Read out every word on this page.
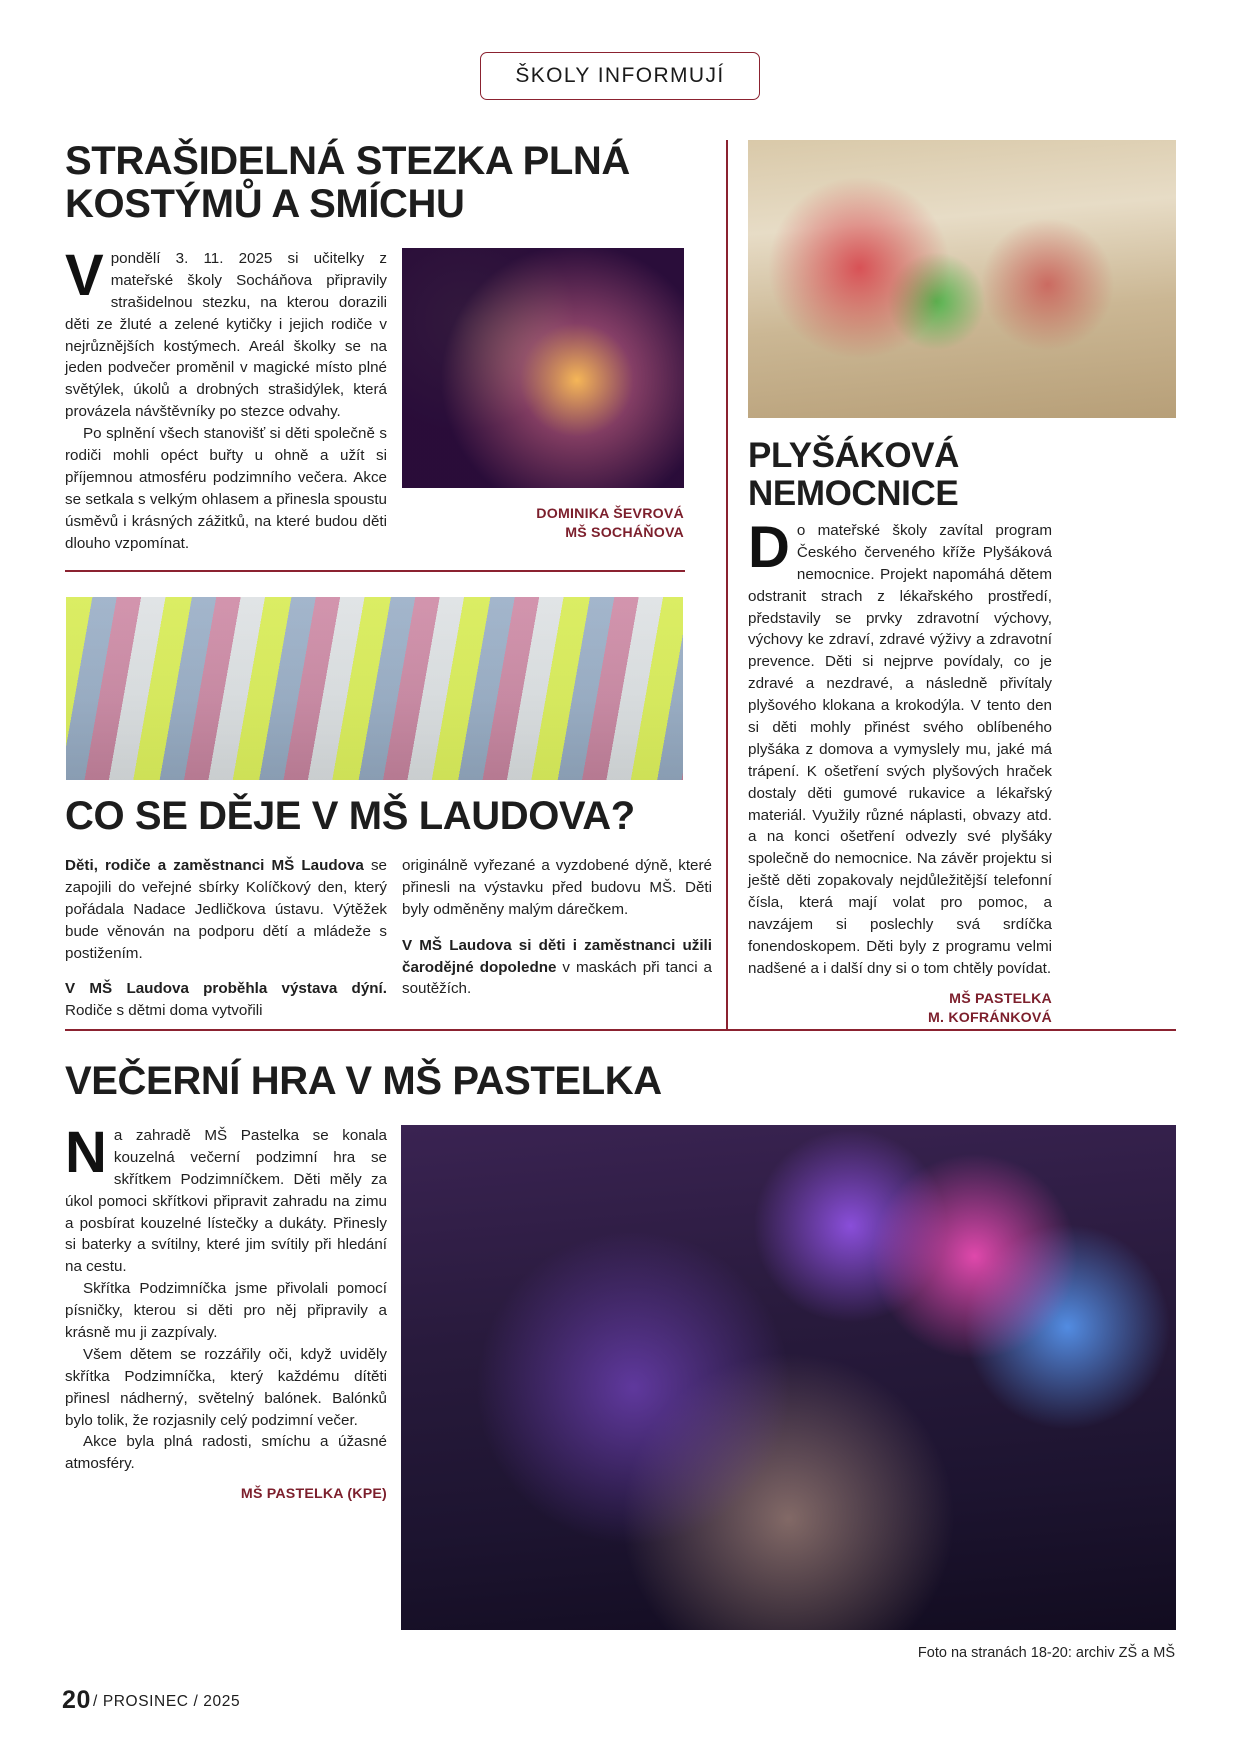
ŠKOLY INFORMUJÍ
STRAŠIDELNÁ STEZKA PLNÁ
KOSTÝMŮ A SMÍCHU

Vpondělí 3. 11. 2025 si učitelky z mateřské školy Socháňova připravily strašidelnou stezku, na kterou dorazili děti ze žluté a zelené kytičky i jejich rodiče v nejrůznějších kostýmech. Areál školky se na jeden podvečer proměnil v magické místo plné světýlek, úkolů a drobných strašidýlek, která provázela návštěvníky po stezce odvahy.

Po splnění všech stanovišť si děti společně s rodiči mohli opéct buřty u ohně a užít si příjemnou atmosféru podzimního večera. Akce se setkala s velkým ohlasem a přinesla spoustu úsměvů i krásných zážitků, na které budou děti dlouho vzpomínat.

DOMINIKA ŠEVROVÁ
MŠ SOCHÁŇOVA

PLYŠÁKOVÁ
NEMOCNICE

Do mateřské školy zavítal program Českého červeného kříže Plyšáková nemocnice. Projekt napomáhá dětem odstranit strach z lékařského prostředí, představily se prvky zdravotní výchovy, výchovy ke zdraví, zdravé výživy a zdravotní prevence. Děti si nejprve povídaly, co je zdravé a nezdravé, a následně přivítaly plyšového klokana a krokodýla. V tento den si děti mohly přinést svého oblíbeného plyšáka z domova a vymyslely mu, jaké má trápení. K ošetření svých plyšových hraček dostaly děti gumové rukavice a lékařský materiál. Využily různé náplasti, obvazy atd. a na konci ošetření odvezly své plyšáky společně do nemocnice. Na závěr projektu si ještě děti zopakovaly nejdůležitější telefonní čísla, která mají volat pro pomoc, a navzájem si poslechly svá srdíčka fonendoskopem. Děti byly z programu velmi nadšené a i další dny si o tom chtěly povídat.

MŠ PASTELKA
M. KOFRÁNKOVÁ

CO SE DĚJE V MŠ LAUDOVA?

Děti, rodiče a zaměstnanci MŠ Laudova se zapojili do veřejné sbírky Kolíčkový den, který pořádala Nadace Jedličkova ústavu. Výtěžek bude věnován na podporu dětí a mládeže s postižením.

V MŠ Laudova proběhla výstava dýní. Rodiče s dětmi doma vytvořili

originálně vyřezané a vyzdobené dýně, které přinesli na výstavku před budovu MŠ. Děti byly odměněny malým dárečkem.

V MŠ Laudova si děti i zaměstnanci užili čarodějné dopoledne v maskách při tanci a soutěžích.

VEČERNÍ HRA V MŠ PASTELKA

Na zahradě MŠ Pastelka se konala kouzelná večerní podzimní hra se skřítkem Podzimníčkem. Děti měly za úkol pomoci skřítkovi připravit zahradu na zimu a posbírat kouzelné lístečky a dukáty. Přinesly si baterky a svítilny, které jim svítily při hledání na cestu.

Skřítka Podzimníčka jsme přivolali pomocí písničky, kterou si děti pro něj připravily a krásně mu ji zazpívaly.

Všem dětem se rozzářily oči, když uviděly skřítka Podzimníčka, který každému dítěti přinesl nádherný, světelný balónek. Balónků bylo tolik, že rozjasnily celý podzimní večer.

Akce byla plná radosti, smíchu a úžasné atmosféry.

MŠ PASTELKA (KPE)

Foto na stranách 18-20: archiv ZŠ a MŠ
20 / PROSINEC / 2025
